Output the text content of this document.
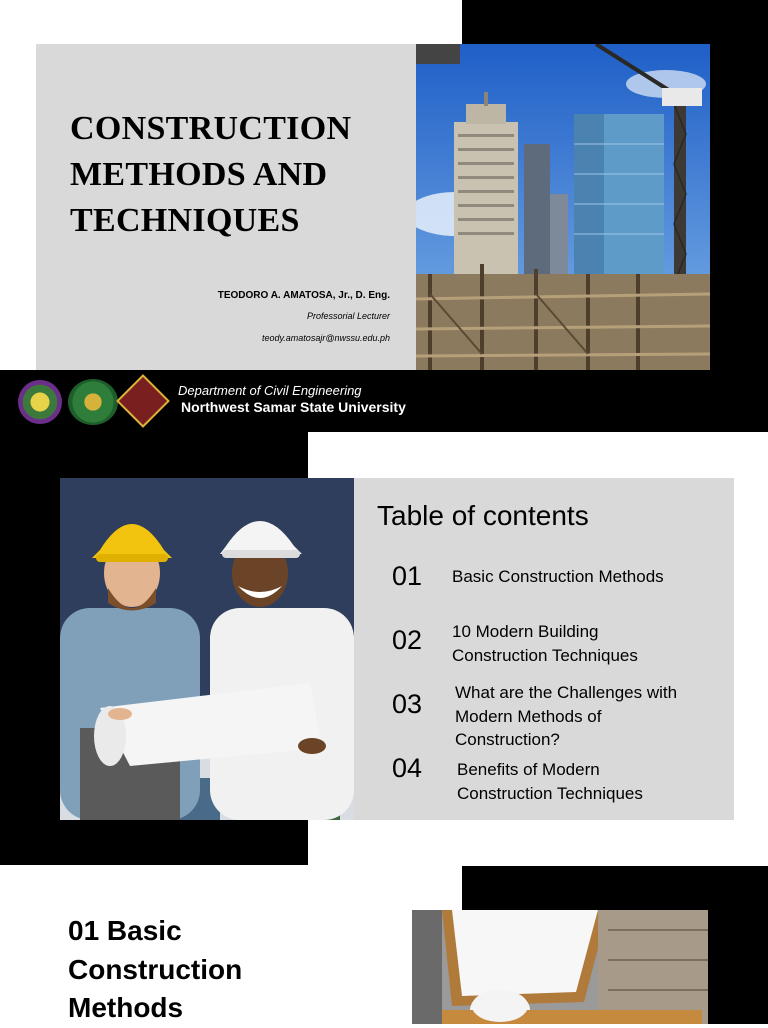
CONSTRUCTION
METHODS AND
TECHNIQUES
TEODORO A. AMATOSA, Jr., D. Eng.
Professorial Lecturer
teody.amatosajr@nwssu.edu.ph
Department of Civil Engineering
Northwest Samar State University
Table of contents
01 Basic Construction Methods
02 10 Modern Building
Construction Techniques
03 What are the Challenges with
Modern Methods of
Construction?
04 Benefits of Modern
Construction Techniques
01 Basic
Construction
Methods
